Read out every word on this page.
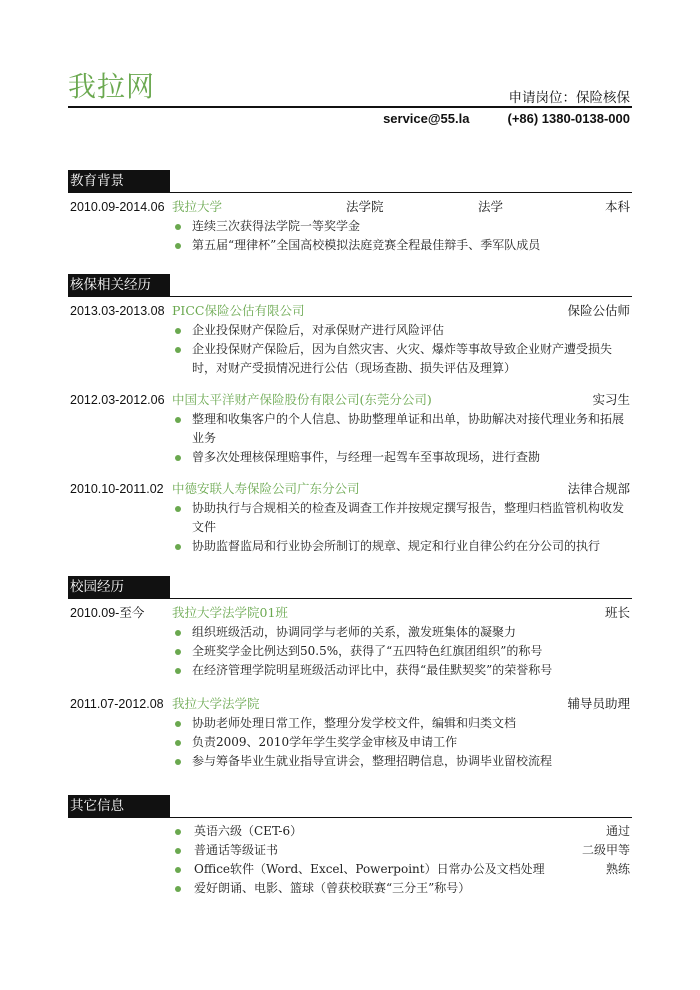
我拉网	申请岗位：保险核保
service@55.la	(+86) 1380-0138-000
教育背景
2010.09-2014.06 我拉大学	法学院	法学	本科
连续三次获得法学院一等奖学金
第五届“理律杯”全国高校模拟法庭竞赛全程最佳辩手、季军队成员
核保相关经历
2013.03-2013.08 PICC保险公估有限公司	保险公估师
企业投保财产保险后，对承保财产进行风险评估
企业投保财产保险后，因为自然灾害、火灾、爆炸等事故导致企业财产遭受损失时，对财产受损情况进行公估（现场查勘、损失评估及理算）
2012.03-2012.06 中国太平洋财产保险股份有限公司(东莞分公司)	实习生
整理和收集客户的个人信息、协助整理单证和出单，协助解决对接代理业务和拓展业务
曾多次处理核保理赔事件，与经理一起驾车至事故现场，进行查勘
2010.10-2011.02 中德安联人寿保险公司广东分公司	法律合规部
协助执行与合规相关的检查及调查工作并按规定撰写报告，整理归档监管机构收发文件
协助监督监局和行业协会所制订的规章、规定和行业自律公约在分公司的执行
校园经历
2010.09-至今 我拉大学法学院01班	班长
组织班级活动，协调同学与老师的关系，激发班集体的凝聚力
全班奖学金比例达到50.5%，获得了“五四特色红旗团组织”的称号
在经济管理学院明星班级活动评比中，获得“最佳默契奖”的荣誉称号
2011.07-2012.08 我拉大学法学院	辅导员助理
协助老师处理日常工作，整理分发学校文件，编辑和归类文档
负责2009、2010学年学生奖学金审核及申请工作
参与筹备毕业生就业指导宣讲会，整理招聘信息，协调毕业留校流程
其它信息
英语六级（CET-6）	通过
普通话等级证书	二级甲等
Office软件（Word、Excel、Powerpoint）日常办公及文档处理	熟练
爱好朗诵、电影、篮球（曾获校联赛“三分王”称号）
